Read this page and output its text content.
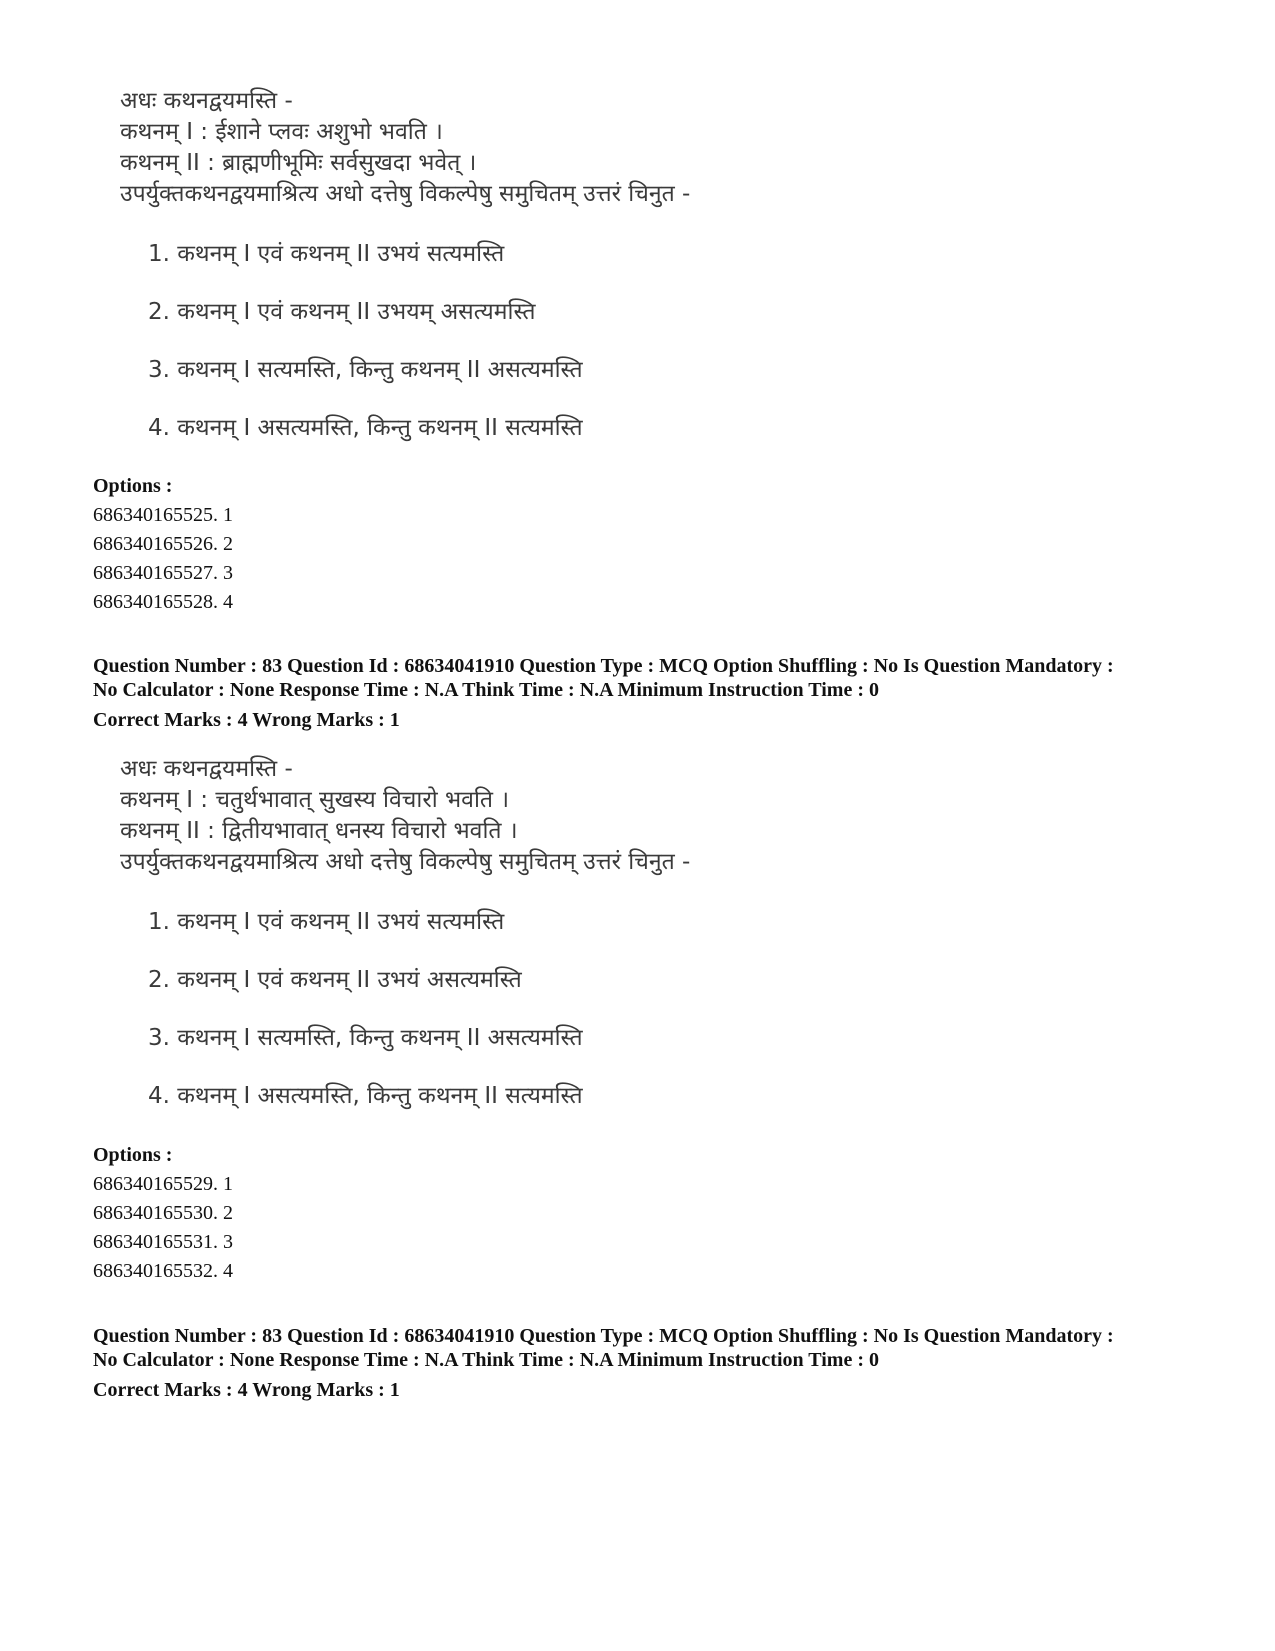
अधः कथनद्वयमस्ति -
कथनम् I : ईशाने प्लवः अशुभो भवति ।
कथनम् II : ब्राह्मणीभूमिः सर्वसुखदा भवेत् ।
उपर्युक्तकथनद्वयमाश्रित्य अधो दत्तेषु विकल्पेषु समुचितम् उत्तरं चिनुत -
1. कथनम् I एवं कथनम् II उभयं सत्यमस्ति
2. कथनम् I एवं कथनम् II उभयम् असत्यमस्ति
3. कथनम् I सत्यमस्ति, किन्तु कथनम् II असत्यमस्ति
4. कथनम् I असत्यमस्ति, किन्तु कथनम् II सत्यमस्ति
Options :
686340165525. 1
686340165526. 2
686340165527. 3
686340165528. 4
Question Number : 83 Question Id : 68634041910 Question Type : MCQ Option Shuffling : No Is Question Mandatory :
No Calculator : None Response Time : N.A Think Time : N.A Minimum Instruction Time : 0
Correct Marks : 4 Wrong Marks : 1
अधः कथनद्वयमस्ति -
कथनम् I : चतुर्थभावात् सुखस्य विचारो भवति ।
कथनम् II : द्वितीयभावात् धनस्य विचारो भवति ।
उपर्युक्तकथनद्वयमाश्रित्य अधो दत्तेषु विकल्पेषु समुचितम् उत्तरं चिनुत -
1. कथनम् I एवं कथनम् II उभयं सत्यमस्ति
2. कथनम् I एवं कथनम् II उभयं असत्यमस्ति
3. कथनम् I सत्यमस्ति, किन्तु कथनम् II असत्यमस्ति
4. कथनम् I असत्यमस्ति, किन्तु कथनम् II सत्यमस्ति
Options :
686340165529. 1
686340165530. 2
686340165531. 3
686340165532. 4
Question Number : 83 Question Id : 68634041910 Question Type : MCQ Option Shuffling : No Is Question Mandatory :
No Calculator : None Response Time : N.A Think Time : N.A Minimum Instruction Time : 0
Correct Marks : 4 Wrong Marks : 1
